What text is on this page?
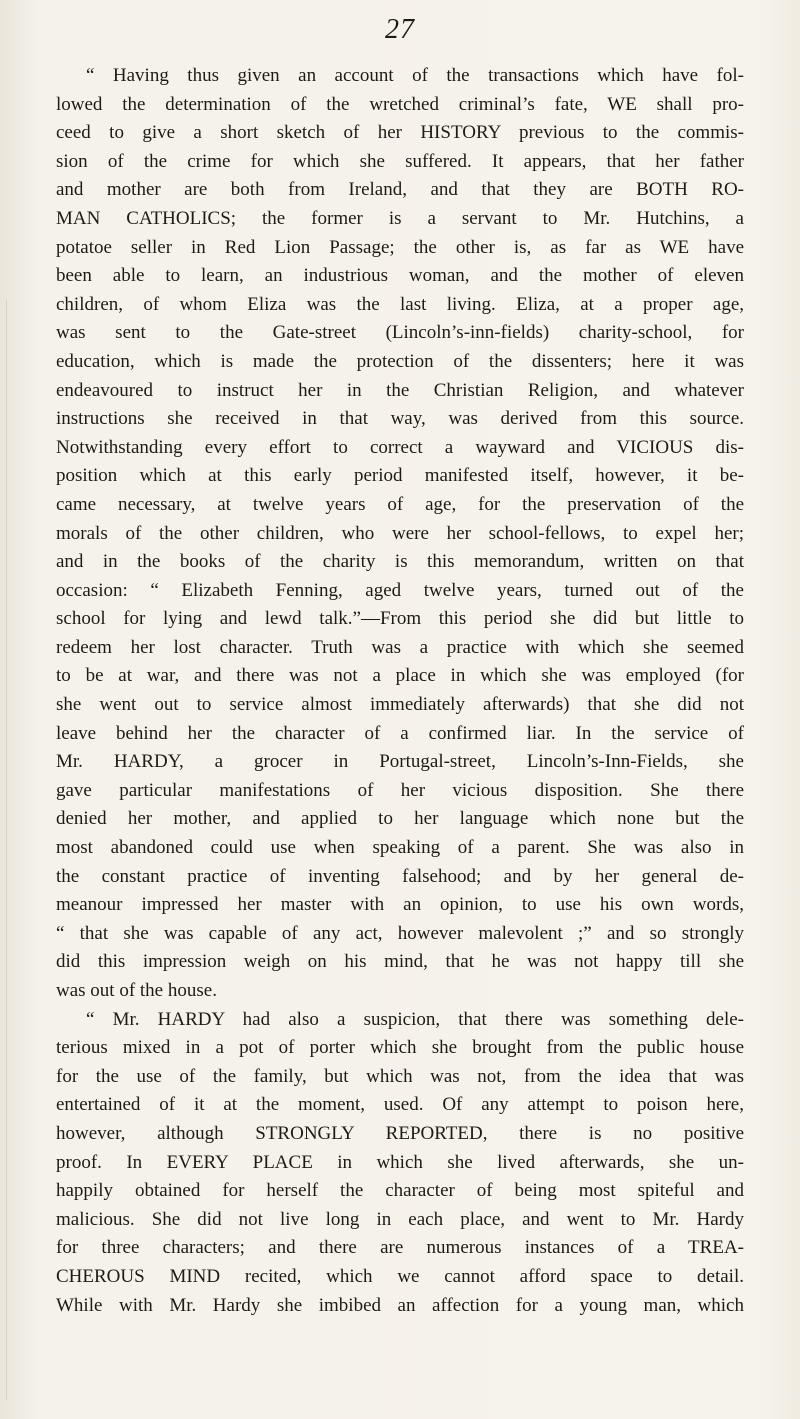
27

“ Having thus given an account of the transactions which have fol-

lowed the determination of the wretched criminal’s fate, WE shall pro-

ceed to give a short sketch of her HISTORY previous to the commis-

sion of the crime for which she suffered. It appears, that her father

and mother are both from Ireland, and that they are BOTH RO-

MAN CATHOLICS; the former is a servant to Mr. Hutchins, a

potatoe seller in Red Lion Passage; the other is, as far as WE have

been able to learn, an industrious woman, and the mother of eleven

children, of whom Eliza was the last living. Eliza, at a proper age,

was sent to the Gate-street (Lincoln’s-inn-fields) charity-school, for

education, which is made the protection of the dissenters; here it was

endeavoured to instruct her in the Christian Religion, and whatever

instructions she received in that way, was derived from this source.

Notwithstanding every effort to correct a wayward and VICIOUS dis-

position which at this early period manifested itself, however, it be-

came necessary, at twelve years of age, for the preservation of the

morals of the other children, who were her school-fellows, to expel her;

and in the books of the charity is this memorandum, written on that

occasion: “ Elizabeth Fenning, aged twelve years, turned out of the

school for lying and lewd talk.”—From this period she did but little to

redeem her lost character. Truth was a practice with which she seemed

to be at war, and there was not a place in which she was employed (for

she went out to service almost immediately afterwards) that she did not

leave behind her the character of a confirmed liar. In the service of

Mr. HARDY, a grocer in Portugal-street, Lincoln’s-Inn-Fields, she

gave particular manifestations of her vicious disposition. She there

denied her mother, and applied to her language which none but the

most abandoned could use when speaking of a parent. She was also in

the constant practice of inventing falsehood; and by her general de-

meanour impressed her master with an opinion, to use his own words,

“ that she was capable of any act, however malevolent ;” and so strongly

did this impression weigh on his mind, that he was not happy till she

was out of the house.

“ Mr. HARDY had also a suspicion, that there was something dele-

terious mixed in a pot of porter which she brought from the public house

for the use of the family, but which was not, from the idea that was

entertained of it at the moment, used. Of any attempt to poison here,

however, although STRONGLY REPORTED, there is no positive

proof. In EVERY PLACE in which she lived afterwards, she un-

happily obtained for herself the character of being most spiteful and

malicious. She did not live long in each place, and went to Mr. Hardy

for three characters; and there are numerous instances of a TREA-

CHEROUS MIND recited, which we cannot afford space to detail.

While with Mr. Hardy she imbibed an affection for a young man, which
